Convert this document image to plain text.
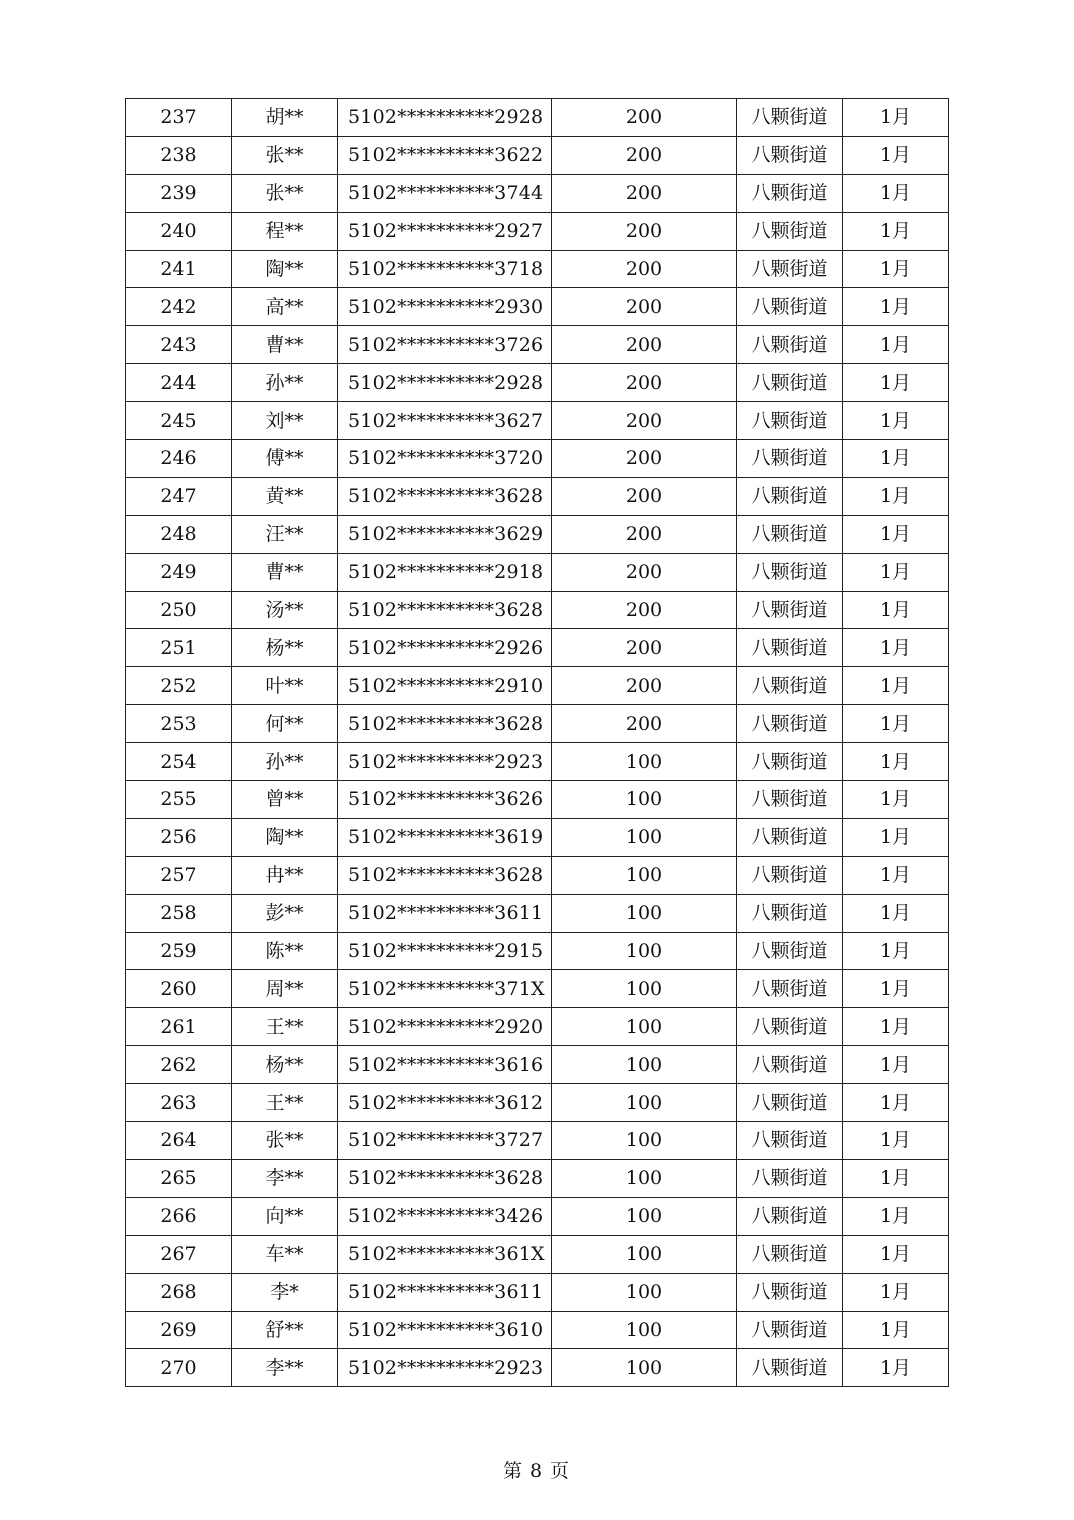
237	胡**	5102**********2928	200	八颗街道	1月
238	张**	5102**********3622	200	八颗街道	1月
239	张**	5102**********3744	200	八颗街道	1月
240	程**	5102**********2927	200	八颗街道	1月
241	陶**	5102**********3718	200	八颗街道	1月
242	高**	5102**********2930	200	八颗街道	1月
243	曹**	5102**********3726	200	八颗街道	1月
244	孙**	5102**********2928	200	八颗街道	1月
245	刘**	5102**********3627	200	八颗街道	1月
246	傅**	5102**********3720	200	八颗街道	1月
247	黄**	5102**********3628	200	八颗街道	1月
248	汪**	5102**********3629	200	八颗街道	1月
249	曹**	5102**********2918	200	八颗街道	1月
250	汤**	5102**********3628	200	八颗街道	1月
251	杨**	5102**********2926	200	八颗街道	1月
252	叶**	5102**********2910	200	八颗街道	1月
253	何**	5102**********3628	200	八颗街道	1月
254	孙**	5102**********2923	100	八颗街道	1月
255	曾**	5102**********3626	100	八颗街道	1月
256	陶**	5102**********3619	100	八颗街道	1月
257	冉**	5102**********3628	100	八颗街道	1月
258	彭**	5102**********3611	100	八颗街道	1月
259	陈**	5102**********2915	100	八颗街道	1月
260	周**	5102**********371X	100	八颗街道	1月
261	王**	5102**********2920	100	八颗街道	1月
262	杨**	5102**********3616	100	八颗街道	1月
263	王**	5102**********3612	100	八颗街道	1月
264	张**	5102**********3727	100	八颗街道	1月
265	李**	5102**********3628	100	八颗街道	1月
266	向**	5102**********3426	100	八颗街道	1月
267	车**	5102**********361X	100	八颗街道	1月
268	李*	5102**********3611	100	八颗街道	1月
269	舒**	5102**********3610	100	八颗街道	1月
270	李**	5102**********2923	100	八颗街道	1月
第 8 页
